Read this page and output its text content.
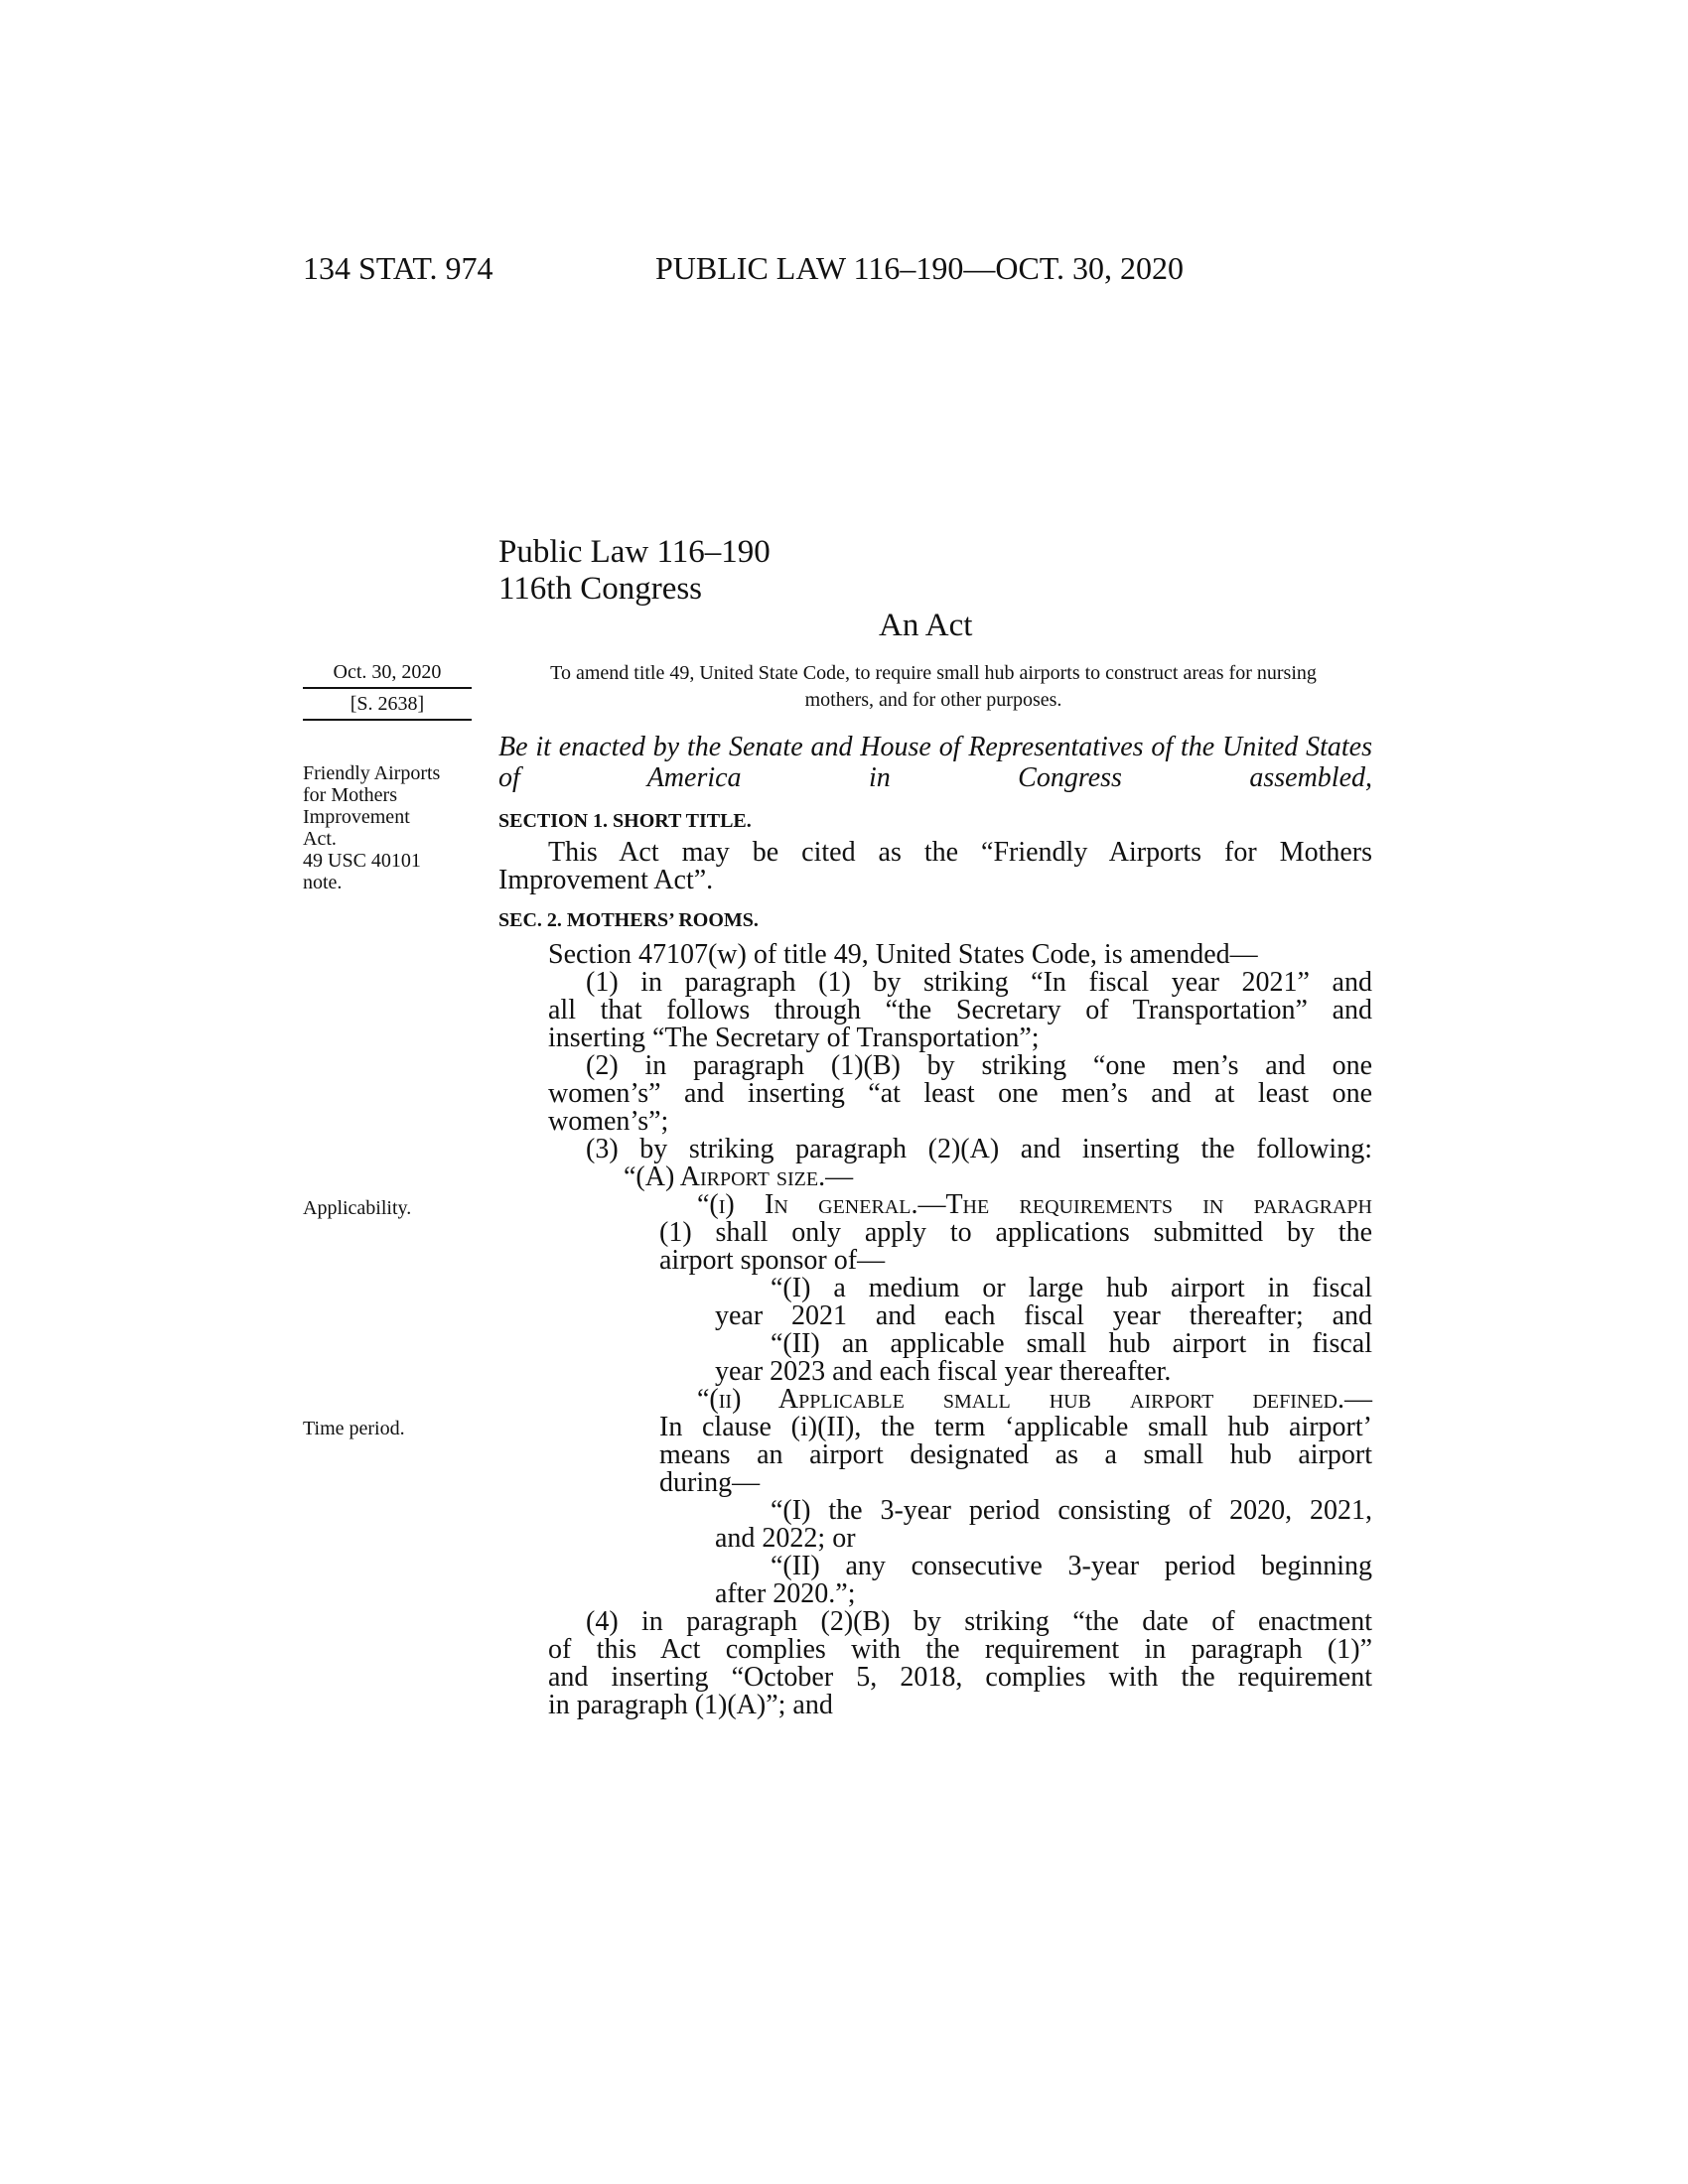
134 STAT. 974	PUBLIC LAW 116–190—OCT. 30, 2020
Public Law 116–190
116th Congress
An Act
Oct. 30, 2020
[S. 2638]
To amend title 49, United State Code, to require small hub airports to construct areas for nursing mothers, and for other purposes.
Be it enacted by the Senate and House of Representatives of the United States of America in Congress assembled,
Friendly Airports
for Mothers
Improvement
Act.
49 USC 40101
note.
Applicability.
Time period.
SECTION 1. SHORT TITLE.
This Act may be cited as the “Friendly Airports for Mothers
Improvement Act”.
SEC. 2. MOTHERS’ ROOMS.
Section 47107(w) of title 49, United States Code, is amended—
(1) in paragraph (1) by striking “In fiscal year 2021” and
all that follows through “the Secretary of Transportation” and
inserting “The Secretary of Transportation”;
(2) in paragraph (1)(B) by striking “one men’s and one
women’s” and inserting “at least one men’s and at least one
women’s”;
(3) by striking paragraph (2)(A) and inserting the following:
“(A) Airport size.—
“(i) In general.—The requirements in paragraph
(1) shall only apply to applications submitted by the
airport sponsor of—
“(I) a medium or large hub airport in fiscal
year 2021 and each fiscal year thereafter; and
“(II) an applicable small hub airport in fiscal
year 2023 and each fiscal year thereafter.
“(ii) Applicable small hub airport defined.—
In clause (i)(II), the term ‘applicable small hub airport’
means an airport designated as a small hub airport
during—
“(I) the 3-year period consisting of 2020, 2021,
and 2022; or
“(II) any consecutive 3-year period beginning
after 2020.”;
(4) in paragraph (2)(B) by striking “the date of enactment
of this Act complies with the requirement in paragraph (1)”
and inserting “October 5, 2018, complies with the requirement
in paragraph (1)(A)”; and
